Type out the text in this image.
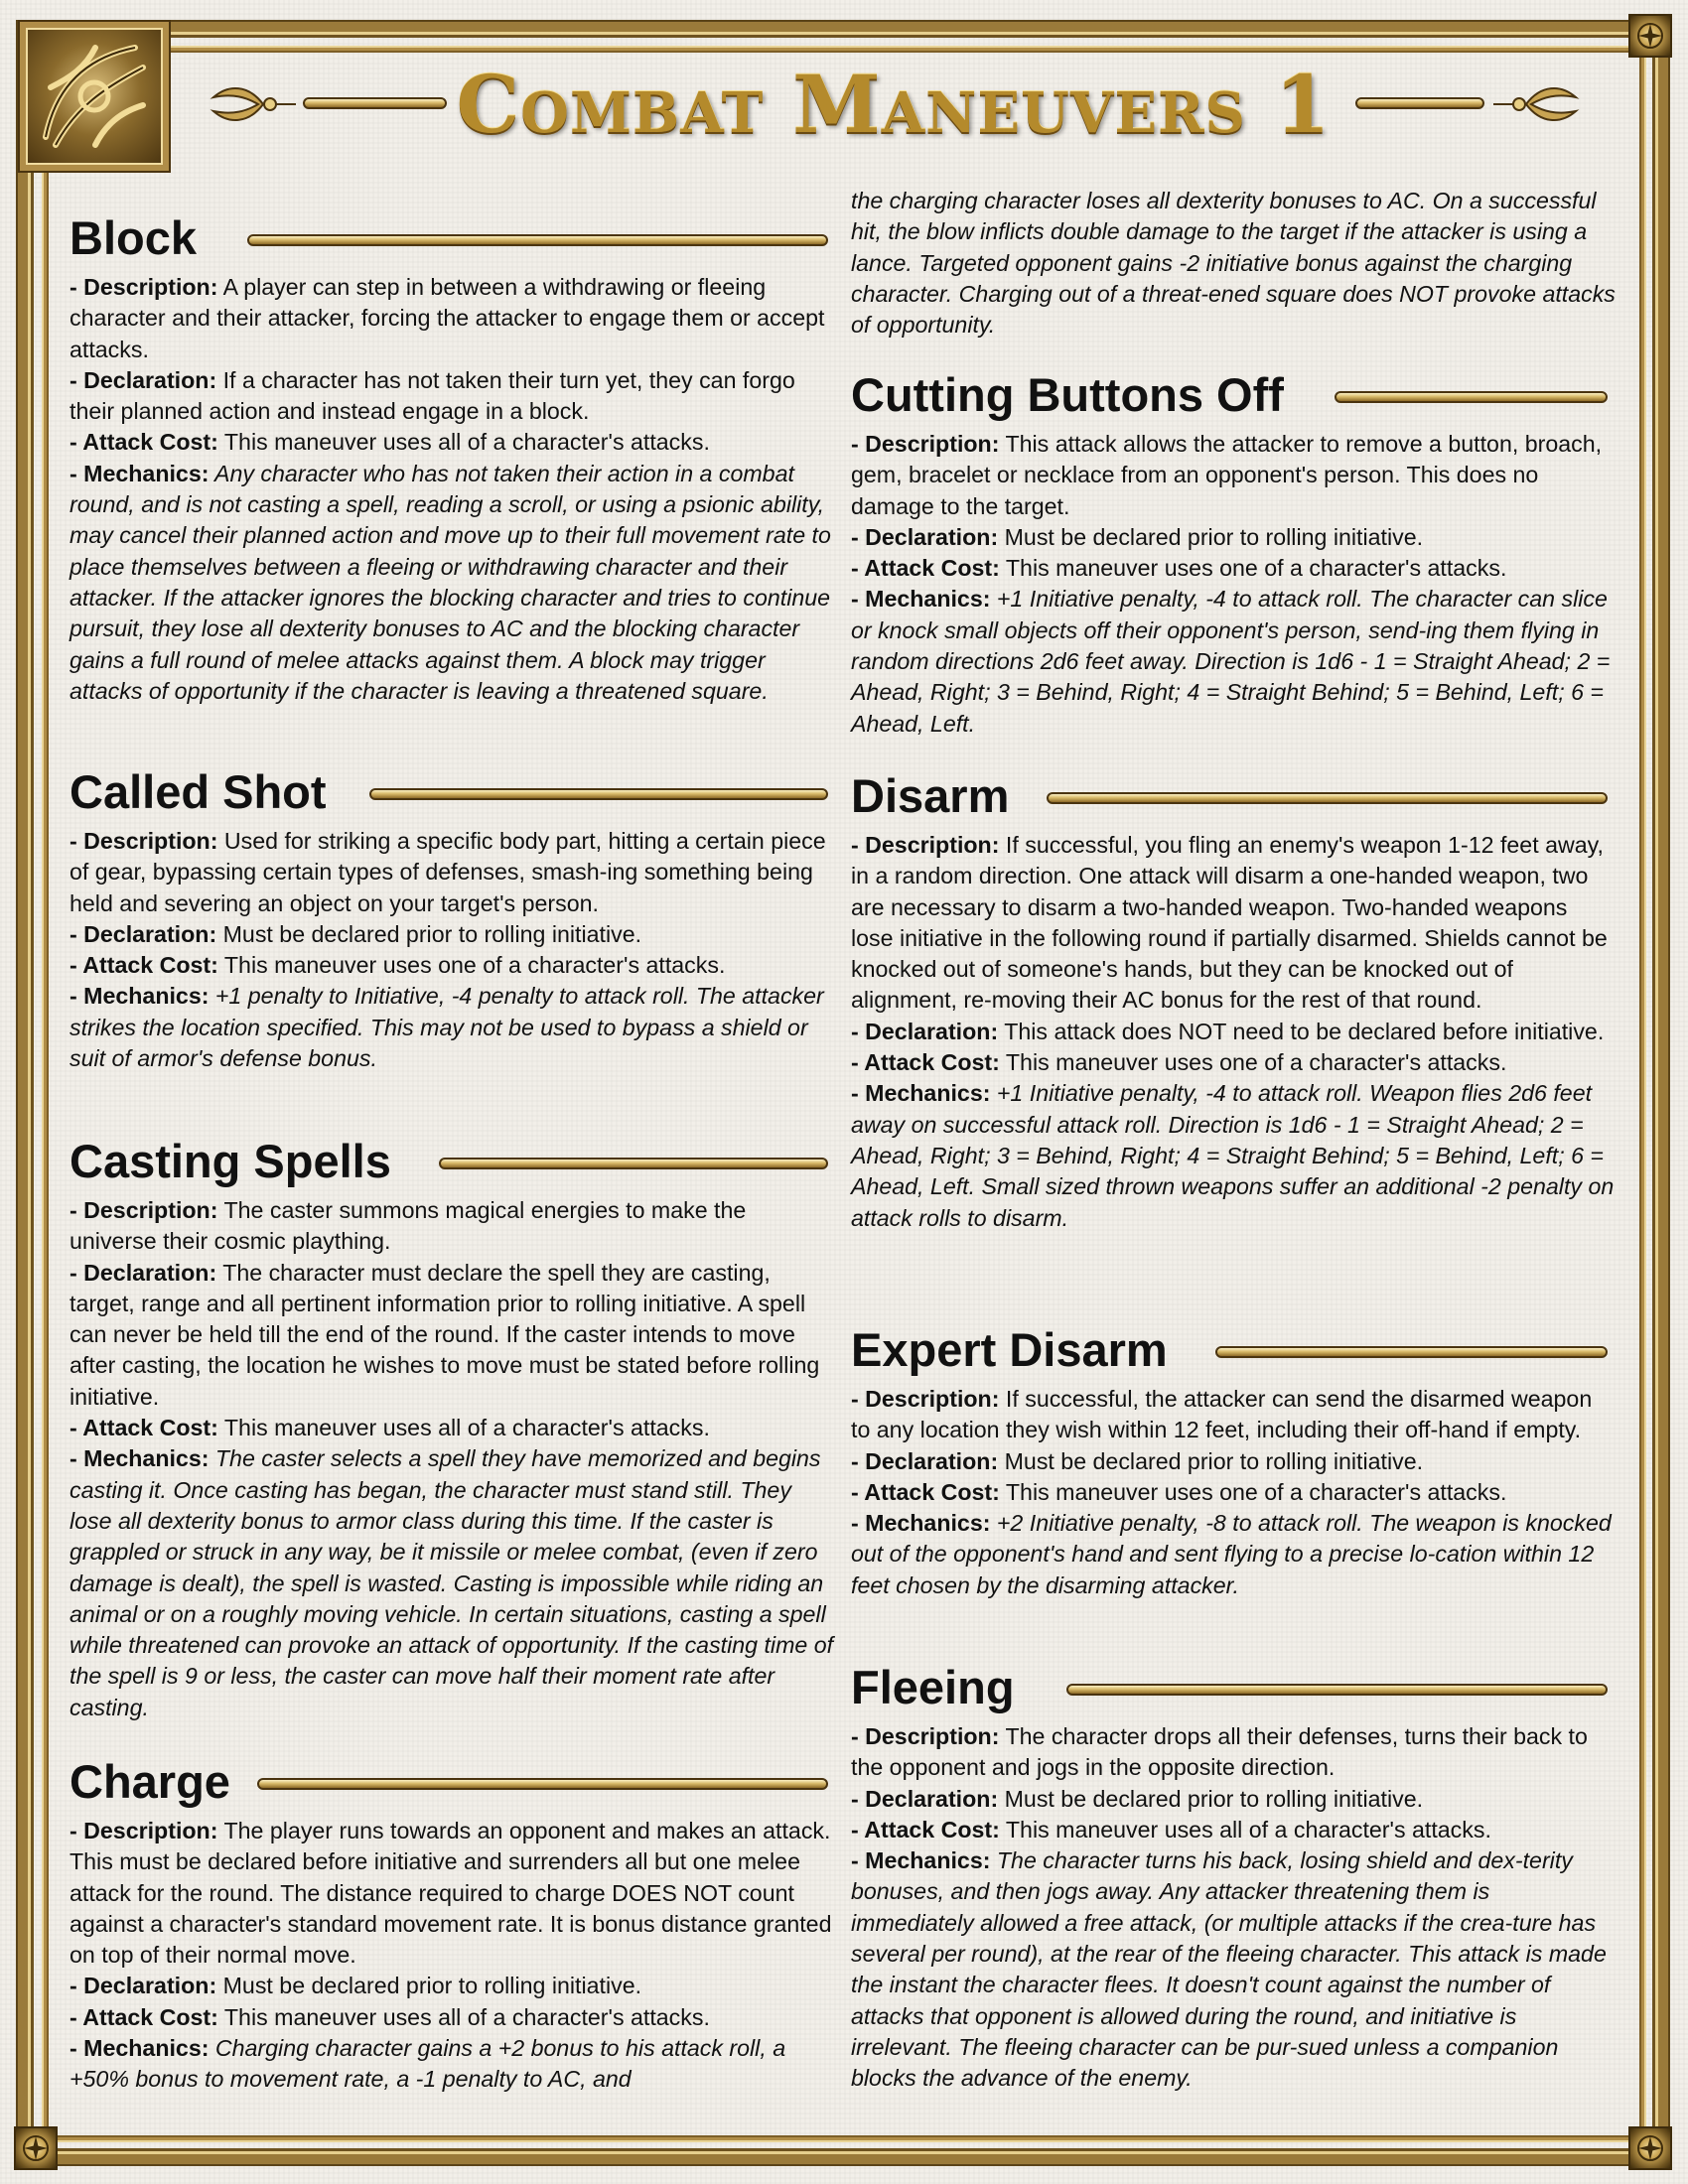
Combat Maneuvers 1
Block

- Description: A player can step in between a withdrawing or fleeing character and their attacker, forcing the attacker to engage them or accept attacks.

- Declaration: If a character has not taken their turn yet, they can forgo their planned action and instead engage in a block.

- Attack Cost: This maneuver uses all of a character's attacks.

- Mechanics: Any character who has not taken their action in a combat round, and is not casting a spell, reading a scroll, or using a psionic ability, may cancel their planned action and move up to their full movement rate to place themselves between a fleeing or withdrawing character and their attacker. If the attacker ignores the blocking character and tries to continue pursuit, they lose all dexterity bonuses to AC and the blocking character gains a full round of melee attacks against them. A block may trigger attacks of opportunity if the character is leaving a threatened square.

Called Shot

- Description: Used for striking a specific body part, hitting a certain piece of gear, bypassing certain types of defenses, smash-ing something being held and severing an object on your target's person.

- Declaration: Must be declared prior to rolling initiative.

- Attack Cost: This maneuver uses one of a character's attacks.

- Mechanics: +1 penalty to Initiative, -4 penalty to attack roll. The attacker strikes the location specified. This may not be used to bypass a shield or suit of armor's defense bonus.

Casting Spells

- Description: The caster summons magical energies to make the universe their cosmic plaything.

- Declaration: The character must declare the spell they are casting, target, range and all pertinent information prior to rolling initiative. A spell can never be held till the end of the round. If the caster intends to move after casting, the location he wishes to move must be stated before rolling initiative.

- Attack Cost: This maneuver uses all of a character's attacks.

- Mechanics: The caster selects a spell they have memorized and begins casting it. Once casting has began, the character must stand still. They lose all dexterity bonus to armor class during this time. If the caster is grappled or struck in any way, be it missile or melee combat, (even if zero damage is dealt), the spell is wasted. Casting is impossible while riding an animal or on a roughly moving vehicle. In certain situations, casting a spell while threatened can provoke an attack of opportunity. If the casting time of the spell is 9 or less, the caster can move half their moment rate after casting.

Charge

- Description: The player runs towards an opponent and makes an attack. This must be declared before initiative and surrenders all but one melee attack for the round. The distance required to charge DOES NOT count against a character's standard movement rate. It is bonus distance granted on top of their normal move.

- Declaration: Must be declared prior to rolling initiative.

- Attack Cost: This maneuver uses all of a character's attacks.

- Mechanics: Charging character gains a +2 bonus to his attack roll, a +50% bonus to movement rate, a -1 penalty to AC, and

the charging character loses all dexterity bonuses to AC. On a successful hit, the blow inflicts double damage to the target if the attacker is using a lance. Targeted opponent gains -2 initiative bonus against the charging character. Charging out of a threat-ened square does NOT provoke attacks of opportunity.

Cutting Buttons Off

- Description: This attack allows the attacker to remove a button, broach, gem, bracelet or necklace from an opponent's person. This does no damage to the target.

- Declaration: Must be declared prior to rolling initiative.

- Attack Cost: This maneuver uses one of a character's attacks.

- Mechanics: +1 Initiative penalty, -4 to attack roll. The character can slice or knock small objects off their opponent's person, send-ing them flying in random directions 2d6 feet away. Direction is 1d6 - 1 = Straight Ahead; 2 = Ahead, Right; 3 = Behind, Right; 4 = Straight Behind; 5 = Behind, Left; 6 = Ahead, Left.

Disarm

- Description: If successful, you fling an enemy's weapon 1-12 feet away, in a random direction. One attack will disarm a one-handed weapon, two are necessary to disarm a two-handed weapon. Two-handed weapons lose initiative in the following round if partially disarmed. Shields cannot be knocked out of someone's hands, but they can be knocked out of alignment, re-moving their AC bonus for the rest of that round.

- Declaration: This attack does NOT need to be declared before initiative.

- Attack Cost: This maneuver uses one of a character's attacks.

- Mechanics: +1 Initiative penalty, -4 to attack roll. Weapon flies 2d6 feet away on successful attack roll. Direction is 1d6 - 1 = Straight Ahead; 2 = Ahead, Right; 3 = Behind, Right; 4 = Straight Behind; 5 = Behind, Left; 6 = Ahead, Left. Small sized thrown weapons suffer an additional -2 penalty on attack rolls to disarm.

Expert Disarm

- Description: If successful, the attacker can send the disarmed weapon to any location they wish within 12 feet, including their off-hand if empty.

- Declaration: Must be declared prior to rolling initiative.

- Attack Cost: This maneuver uses one of a character's attacks.

- Mechanics: +2 Initiative penalty, -8 to attack roll. The weapon is knocked out of the opponent's hand and sent flying to a precise lo-cation within 12 feet chosen by the disarming attacker.

Fleeing

- Description: The character drops all their defenses, turns their back to the opponent and jogs in the opposite direction.

- Declaration: Must be declared prior to rolling initiative.

- Attack Cost: This maneuver uses all of a character's attacks.

- Mechanics: The character turns his back, losing shield and dex-terity bonuses, and then jogs away. Any attacker threatening them is immediately allowed a free attack, (or multiple attacks if the crea-ture has several per round), at the rear of the fleeing character. This attack is made the instant the character flees. It doesn't count against the number of attacks that opponent is allowed during the round, and initiative is irrelevant. The fleeing character can be pur-sued unless a companion blocks the advance of the enemy.
